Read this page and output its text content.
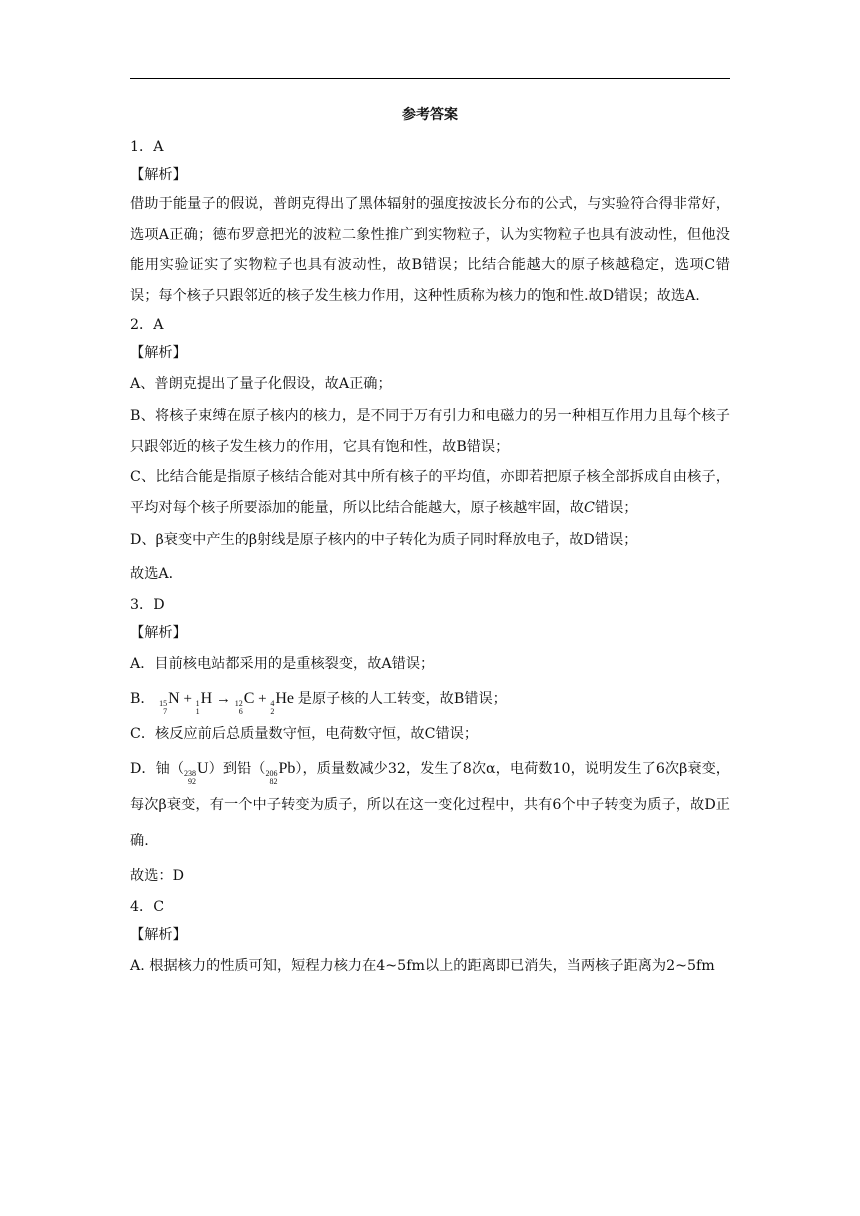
参考答案

1．A

【解析】

借助于能量子的假说，普朗克得出了黑体辐射的强度按波长分布的公式，与实验符合得非常好，选项A正确；德布罗意把光的波粒二象性推广到实物粒子，认为实物粒子也具有波动性，但他没能用实验证实了实物粒子也具有波动性，故B错误；比结合能越大的原子核越稳定，选项C错误；每个核子只跟邻近的核子发生核力作用，这种性质称为核力的饱和性.故D错误；故选A.

2．A

【解析】

A、普朗克提出了量子化假设，故A正确；

B、将核子束缚在原子核内的核力，是不同于万有引力和电磁力的另一种相互作用力且每个核子只跟邻近的核子发生核力的作用，它具有饱和性，故B错误；

C、比结合能是指原子核结合能对其中所有核子的平均值，亦即若把原子核全部拆成自由核子，平均对每个核子所要添加的能量，所以比结合能越大，原子核越牢固，故C错误；

D、β衰变中产生的β射线是原子核内的中子转化为质子同时释放电子，故D错误；

故选A．

3．D

【解析】

A．目前核电站都采用的是重核裂变，故A错误；

B． 15
7
N + 1
1
H → 12
6
C + 4
2
He 是原子核的人工转变，故B错误；

C．核反应前后总质量数守恒，电荷数守恒，故C错误；

D．铀（ 238
92
U）到铅（ 206
82
Pb），质量数减少32，发生了8次α，电荷数10，说明发生了6次β衰变，每次β衰变，有一个中子转变为质子，所以在这一变化过程中，共有6个中子转变为质子，故D正确.

故选：D

4．C

【解析】

A. 根据核力的性质可知，短程力核力在4~5fm以上的距离即已消失，当两核子距离为2~5fm
